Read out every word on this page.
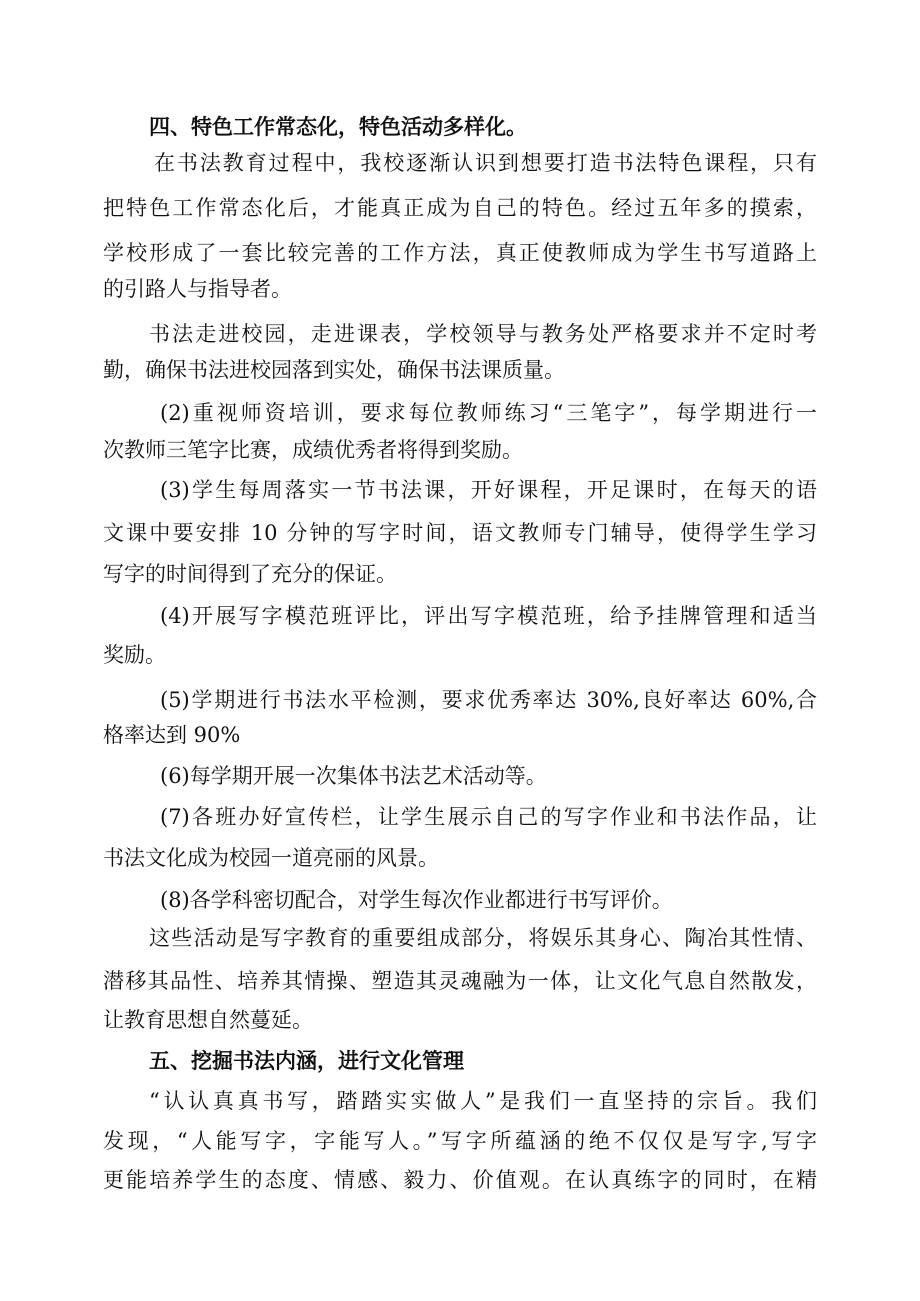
四、特色工作常态化，特色活动多样化。
在书法教育过程中，我校逐渐认识到想要打造书法特色课程，只有
把特色工作常态化后，才能真正成为自己的特色。经过五年多的摸索，
学校形成了一套比较完善的工作方法，真正使教师成为学生书写道路上
的引路人与指导者。
书法走进校园，走进课表，学校领导与教务处严格要求并不定时考
勤，确保书法进校园落到实处，确保书法课质量。
(2)重视师资培训，要求每位教师练习“三笔字”，每学期进行一
次教师三笔字比赛，成绩优秀者将得到奖励。
(3)学生每周落实一节书法课，开好课程，开足课时，在每天的语
文课中要安排 10 分钟的写字时间，语文教师专门辅导，使得学生学习
写字的时间得到了充分的保证。
(4)开展写字模范班评比，评出写字模范班，给予挂牌管理和适当
奖励。
(5)学期进行书法水平检测，要求优秀率达 30%,良好率达 60%,合
格率达到 90%
(6)每学期开展一次集体书法艺术活动等。
(7)各班办好宣传栏，让学生展示自己的写字作业和书法作品，让
书法文化成为校园一道亮丽的风景。
(8)各学科密切配合，对学生每次作业都进行书写评价。
这些活动是写字教育的重要组成部分，将娱乐其身心、陶冶其性情、
潜移其品性、培养其情操、塑造其灵魂融为一体，让文化气息自然散发，
让教育思想自然蔓延。
五、挖掘书法内涵，进行文化管理
“认认真真书写，踏踏实实做人”是我们一直坚持的宗旨。我们
发现，“人能写字，字能写人。”写字所蕴涵的绝不仅仅是写字,写字
更能培养学生的态度、情感、毅力、价值观。在认真练字的同时，在精
